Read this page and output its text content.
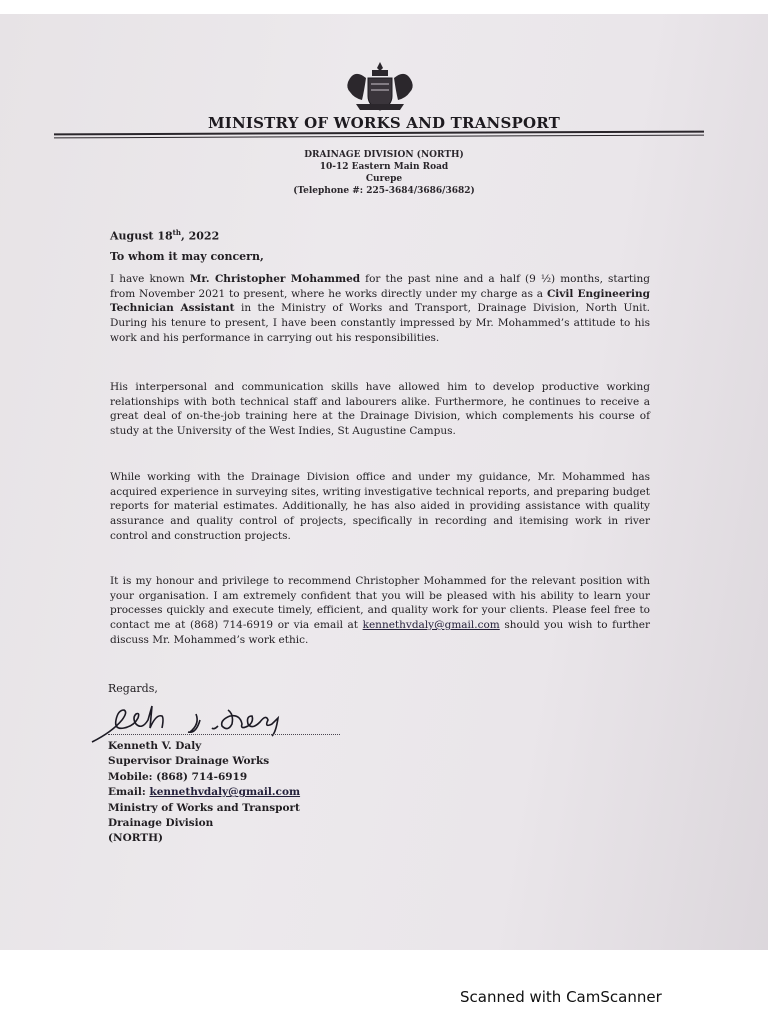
MINISTRY OF WORKS AND TRANSPORT
DRAINAGE DIVISION (NORTH)
10-12 Eastern Main Road
Curepe
(Telephone #: 225-3684/3686/3682)
August 18th, 2022
To whom it may concern,
I have known Mr. Christopher Mohammed for the past nine and a half (9 ½) months, starting from November 2021 to present, where he works directly under my charge as a Civil Engineering Technician Assistant in the Ministry of Works and Transport, Drainage Division, North Unit. During his tenure to present, I have been constantly impressed by Mr. Mohammed’s attitude to his work and his performance in carrying out his responsibilities.
His interpersonal and communication skills have allowed him to develop productive working relationships with both technical staff and labourers alike. Furthermore, he continues to receive a great deal of on-the-job training here at the Drainage Division, which complements his course of study at the University of the West Indies, St Augustine Campus.
While working with the Drainage Division office and under my guidance, Mr. Mohammed has acquired experience in surveying sites, writing investigative technical reports, and preparing budget reports for material estimates. Additionally, he has also aided in providing assistance with quality assurance and quality control of projects, specifically in recording and itemising work in river control and construction projects.
It is my honour and privilege to recommend Christopher Mohammed for the relevant position with your organisation. I am extremely confident that you will be pleased with his ability to learn your processes quickly and execute timely, efficient, and quality work for your clients. Please feel free to contact me at (868) 714-6919 or via email at kennethvdaly@gmail.com should you wish to further discuss Mr. Mohammed’s work ethic.
Regards,
Kenneth V. Daly
Supervisor Drainage Works
Mobile: (868) 714-6919
Email: kennethvdaly@gmail.com
Ministry of Works and Transport
Drainage Division
(NORTH)
Scanned with CamScanner
